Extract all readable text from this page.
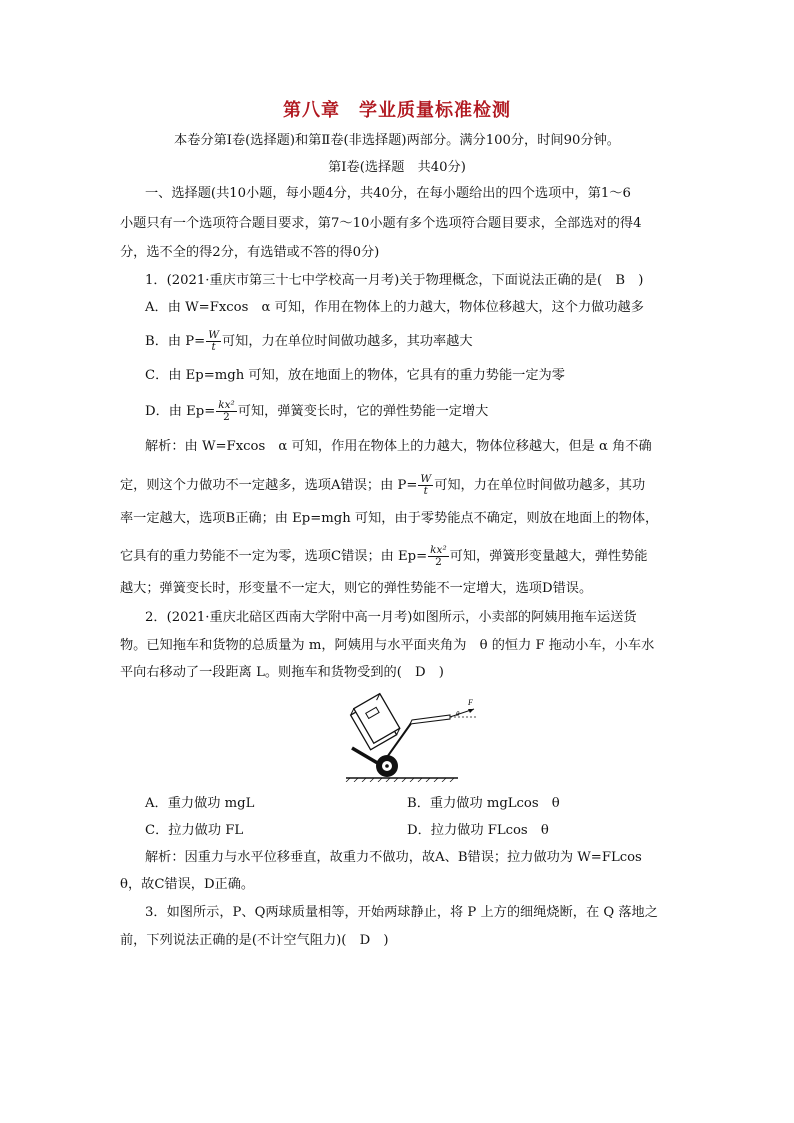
第八章　学业质量标准检测
本卷分第Ⅰ卷(选择题)和第Ⅱ卷(非选择题)两部分。满分100分，时间90分钟。
第Ⅰ卷(选择题　共40分)
一、选择题(共10小题，每小题4分，共40分，在每小题给出的四个选项中，第1～6
小题只有一个选项符合题目要求，第7～10小题有多个选项符合题目要求，全部选对的得4
分，选不全的得2分，有选错或不答的得0分)
1．(2021·重庆市第三十七中学校高一月考)关于物理概念，下面说法正确的是(　B　)
A．由 W=Fxcos　α 可知，作用在物体上的力越大，物体位移越大，这个力做功越多
B．由 $P= \frac{W}{t}$ 可知，力在单位时间做功越多，其功率越大
C．由 Ep=mgh 可知，放在地面上的物体，它具有的重力势能一定为零
D．由 $Ep= \frac{\text{kx²}}{2}$ 可知，弹簧变长时，它的弹性势能一定增大
解析：由 W=Fxcos　α 可知，作用在物体上的力越大，物体位移越大，但是 α 角不确
定，则这个力做功不一定越多，选项A错误；由 $P= \frac{W}{t}$ 可知，力在单位时间做功越多，其功
率一定越大，选项B正确；由 Ep=mgh 可知，由于零势能点不确定，则放在地面上的物体，
它具有的重力势能不一定为零，选项C错误；由 $Ep= \frac{\text{kx²}}{2}$ 可知，弹簧形变量越大，弹性势能
越大；弹簧变长时，形变量不一定大，则它的弹性势能不一定增大，选项D错误。
2．(2021·重庆北碚区西南大学附中高一月考)如图所示，小卖部的阿姨用拖车运送货
物。已知拖车和货物的总质量为 m，阿姨用与水平面夹角为　θ 的恒力 F 拖动小车，小车水
平向右移动了一段距离 L。则拖车和货物受到的(　D　)
F
θ
A．重力做功 mgL	B．重力做功 mgLcos　θ
C．拉力做功 FL	D．拉力做功 FLcos　θ
解析：因重力与水平位移垂直，故重力不做功，故A、B错误；拉力做功为 W=FLcos
θ，故C错误，D正确。
3．如图所示，P、Q两球质量相等，开始两球静止，将 P 上方的细绳烧断，在 Q 落地之
前，下列说法正确的是(不计空气阻力)(　D　)
